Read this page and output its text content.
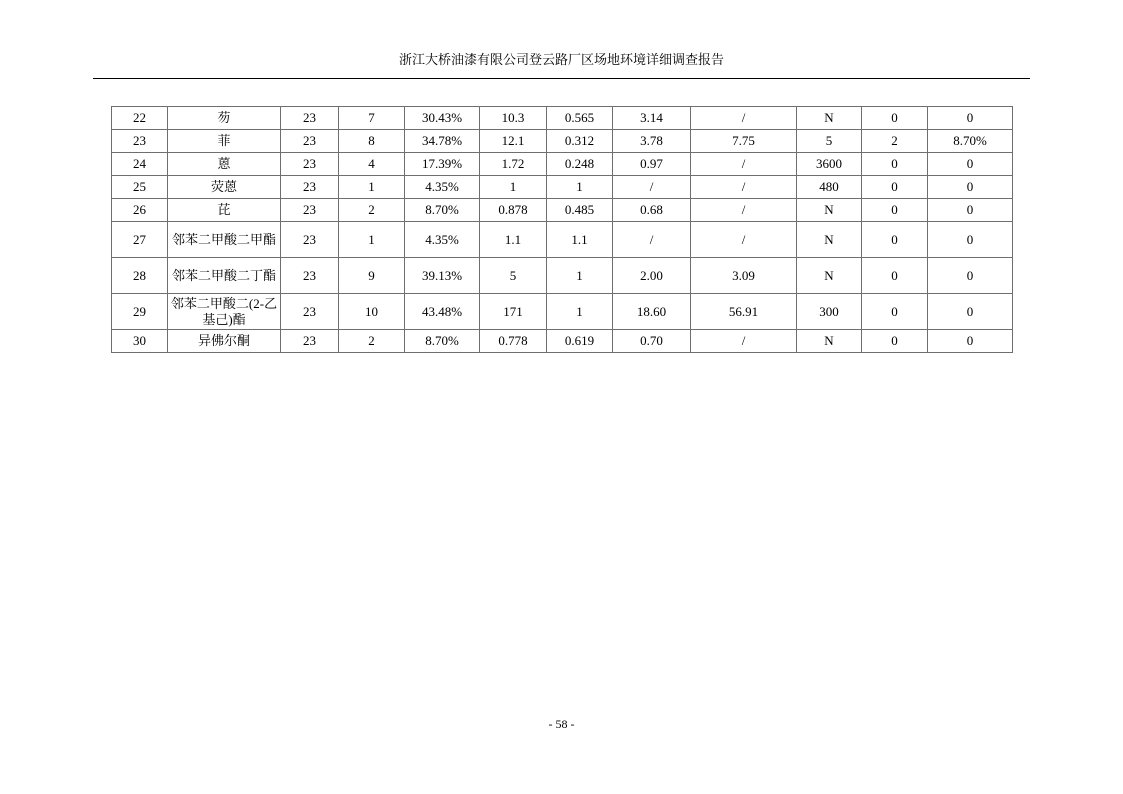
浙江大桥油漆有限公司登云路厂区场地环境详细调查报告
22	芴	23	7	30.43%	10.3	0.565	3.14	/	N	0	0
23	菲	23	8	34.78%	12.1	0.312	3.78	7.75	5	2	8.70%
24	蒽	23	4	17.39%	1.72	0.248	0.97	/	3600	0	0
25	荧蒽	23	1	4.35%	1	1	/	/	480	0	0
26	芘	23	2	8.70%	0.878	0.485	0.68	/	N	0	0
27	邻苯二甲酸二甲酯	23	1	4.35%	1.1	1.1	/	/	N	0	0
28	邻苯二甲酸二丁酯	23	9	39.13%	5	1	2.00	3.09	N	0	0
29	邻苯二甲酸二(2-乙基己)酯	23	10	43.48%	171	1	18.60	56.91	300	0	0
30	异佛尔酮	23	2	8.70%	0.778	0.619	0.70	/	N	0	0
- 58 -
